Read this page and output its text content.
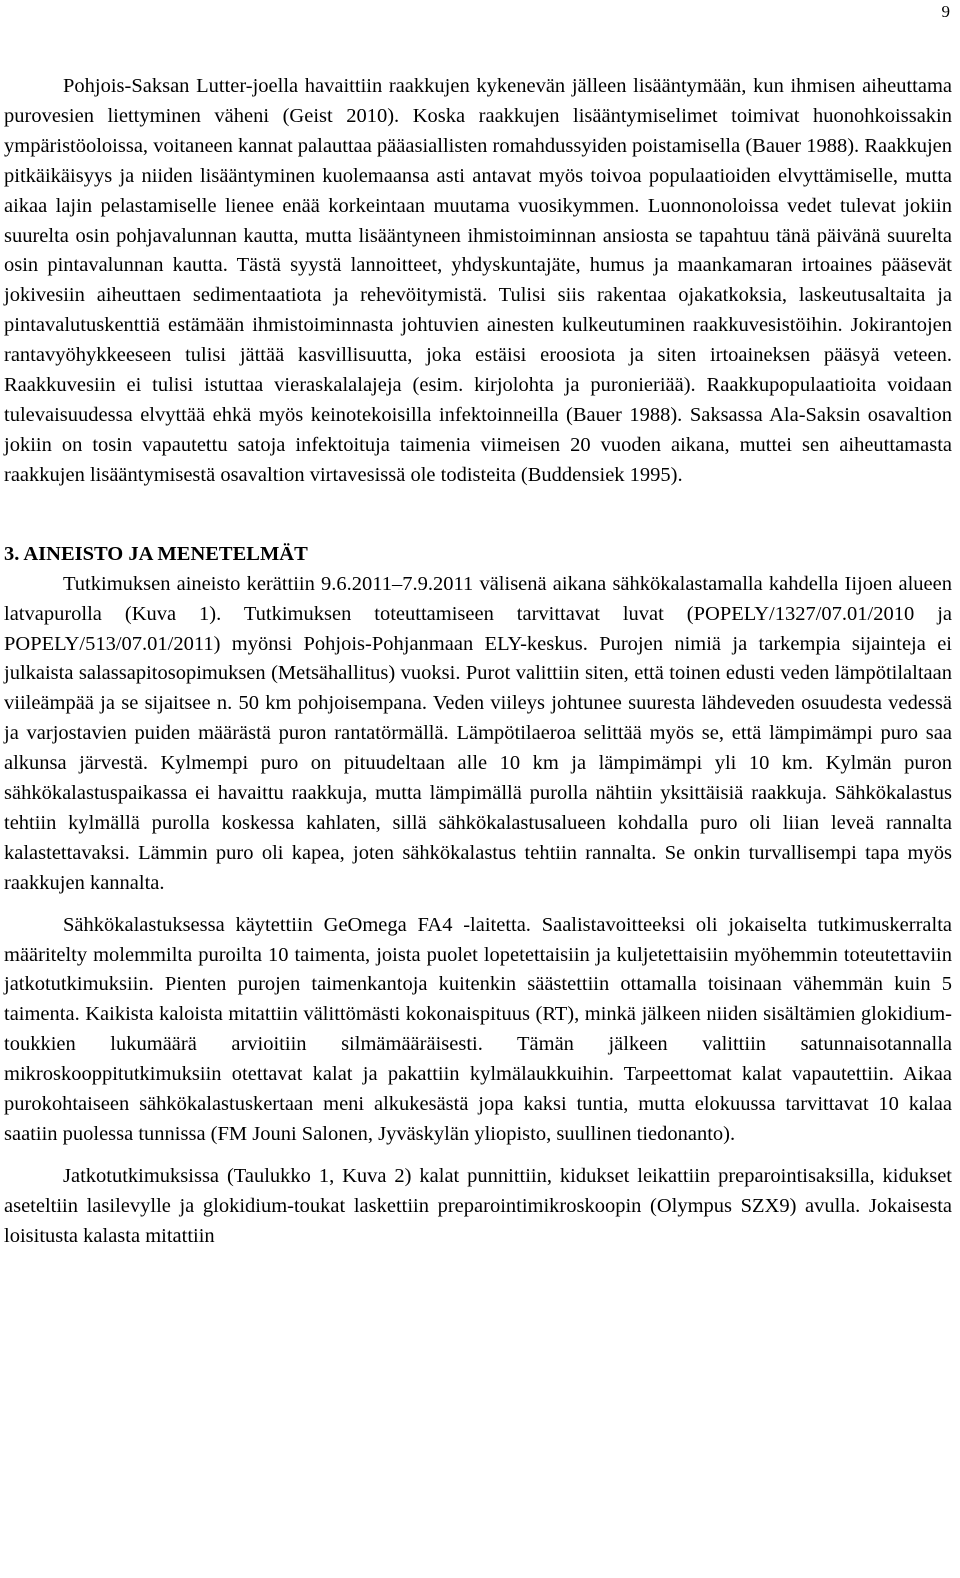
9

Pohjois-Saksan Lutter-joella havaittiin raakkujen kykenevän jälleen lisääntymään, kun ihmisen aiheuttama purovesien liettyminen väheni (Geist 2010). Koska raakkujen lisääntymiselimet toimivat huonohkoissakin ympäristöoloissa, voitaneen kannat palauttaa pääasiallisten romahdussyiden poistamisella (Bauer 1988). Raakkujen pitkäikäisyys ja niiden lisääntyminen kuolemaansa asti antavat myös toivoa populaatioiden elvyttämiselle, mutta aikaa lajin pelastamiselle lienee enää korkeintaan muutama vuosikymmen. Luonnonoloissa vedet tulevat jokiin suurelta osin pohjavalunnan kautta, mutta lisääntyneen ihmistoiminnan ansiosta se tapahtuu tänä päivänä suurelta osin pintavalunnan kautta. Tästä syystä lannoitteet, yhdyskuntajäte, humus ja maankamaran irtoaines pääsevät jokivesiin aiheuttaen sedimentaatiota ja rehevöitymistä. Tulisi siis rakentaa ojakatkoksia, laskeutusaltaita ja pintavalutuskenttiä estämään ihmistoiminnasta johtuvien ainesten kulkeutuminen raakkuvesistöihin. Jokirantojen rantavyöhykkeeseen tulisi jättää kasvillisuutta, joka estäisi eroosiota ja siten irtoaineksen pääsyä veteen. Raakkuvesiin ei tulisi istuttaa vieraskalalajeja (esim. kirjolohta ja puronieriää). Raakkupopulaatioita voidaan tulevaisuudessa elvyttää ehkä myös keinotekoisilla infektoinneilla (Bauer 1988). Saksassa Ala-Saksin osavaltion jokiin on tosin vapautettu satoja infektoituja taimenia viimeisen 20 vuoden aikana, muttei sen aiheuttamasta raakkujen lisääntymisestä osavaltion virtavesissä ole todisteita (Buddensiek 1995).

3. AINEISTO JA MENETELMÄT

Tutkimuksen aineisto kerättiin 9.6.2011–7.9.2011 välisenä aikana sähkökalastamalla kahdella Iijoen alueen latvapurolla (Kuva 1). Tutkimuksen toteuttamiseen tarvittavat luvat (POPELY/1327/07.01/2010 ja POPELY/513/07.01/2011) myönsi Pohjois-Pohjanmaan ELY-keskus. Purojen nimiä ja tarkempia sijainteja ei julkaista salassapitosopimuksen (Metsähallitus) vuoksi. Purot valittiin siten, että toinen edusti veden lämpötilaltaan viileämpää ja se sijaitsee n. 50 km pohjoisempana. Veden viileys johtunee suuresta lähdeveden osuudesta vedessä ja varjostavien puiden määrästä puron rantatörmällä. Lämpötilaeroa selittää myös se, että lämpimämpi puro saa alkunsa järvestä. Kylmempi puro on pituudeltaan alle 10 km ja lämpimämpi yli 10 km. Kylmän puron sähkökalastuspaikassa ei havaittu raakkuja, mutta lämpimällä purolla nähtiin yksittäisiä raakkuja. Sähkökalastus tehtiin kylmällä purolla koskessa kahlaten, sillä sähkökalastusalueen kohdalla puro oli liian leveä rannalta kalastettavaksi. Lämmin puro oli kapea, joten sähkökalastus tehtiin rannalta. Se onkin turvallisempi tapa myös raakkujen kannalta.

Sähkökalastuksessa käytettiin GeOmega FA4 -laitetta. Saalistavoitteeksi oli jokaiselta tutkimuskerralta määritelty molemmilta puroilta 10 taimenta, joista puolet lopetettaisiin ja kuljetettaisiin myöhemmin toteutettaviin jatkotutkimuksiin. Pienten purojen taimenkantoja kuitenkin säästettiin ottamalla toisinaan vähemmän kuin 5 taimenta. Kaikista kaloista mitattiin välittömästi kokonaispituus (RT), minkä jälkeen niiden sisältämien glokidium-toukkien lukumäärä arvioitiin silmämääräisesti. Tämän jälkeen valittiin satunnaisotannalla mikroskooppitutkimuksiin otettavat kalat ja pakattiin kylmälaukkuihin. Tarpeettomat kalat vapautettiin. Aikaa purokohtaiseen sähkökalastuskertaan meni alkukesästä jopa kaksi tuntia, mutta elokuussa tarvittavat 10 kalaa saatiin puolessa tunnissa (FM Jouni Salonen, Jyväskylän yliopisto, suullinen tiedonanto).

Jatkotutkimuksissa (Taulukko 1, Kuva 2) kalat punnittiin, kidukset leikattiin preparointisaksilla, kidukset aseteltiin lasilevylle ja glokidium-toukat laskettiin preparointimikroskoopin (Olympus SZX9) avulla. Jokaisesta loisitusta kalasta mitattiin
